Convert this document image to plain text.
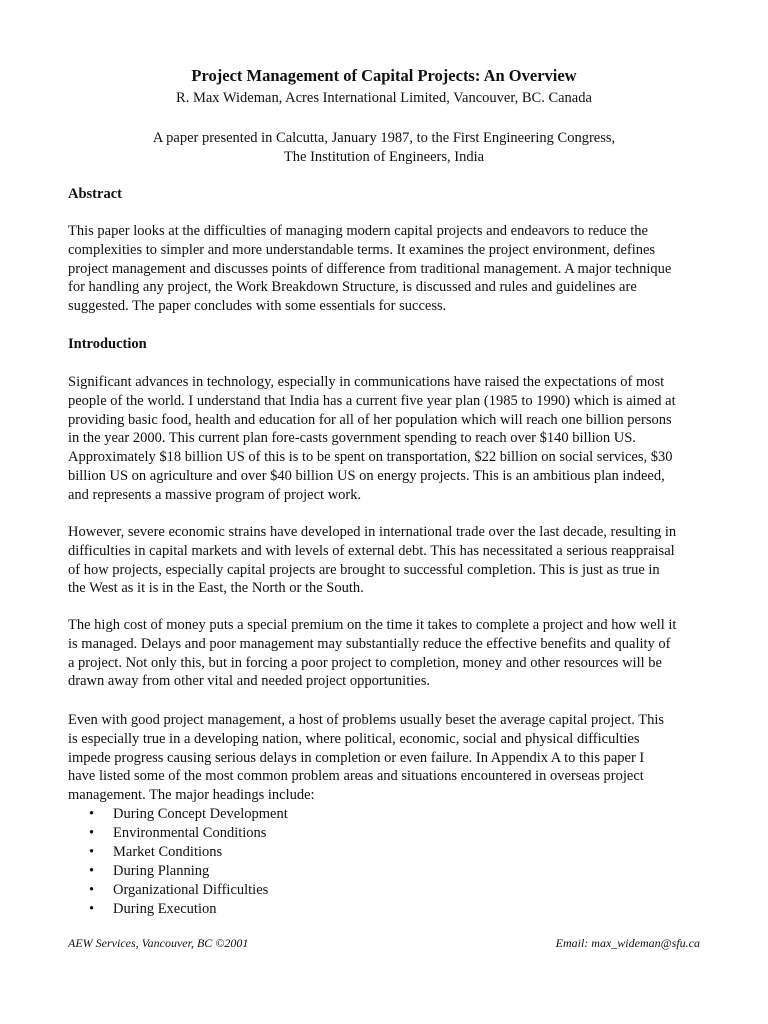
Project Management of Capital Projects: An Overview
R. Max Wideman, Acres International Limited, Vancouver, BC. Canada
A paper presented in Calcutta, January 1987, to the First Engineering Congress,
The Institution of Engineers, India
Abstract
This paper looks at the difficulties of managing modern capital projects and endeavors to reduce the
complexities to simpler and more understandable terms. It examines the project environment, defines
project management and discusses points of difference from traditional management. A major technique
for handling any project, the Work Breakdown Structure, is discussed and rules and guidelines are
suggested. The paper concludes with some essentials for success.
Introduction
Significant advances in technology, especially in communications have raised the expectations of most
people of the world. I understand that India has a current five year plan (1985 to 1990) which is aimed at
providing basic food, health and education for all of her population which will reach one billion persons
in the year 2000. This current plan fore-casts government spending to reach over $140 billion US.
Approximately $18 billion US of this is to be spent on transportation, $22 billion on social services, $30
billion US on agriculture and over $40 billion US on energy projects. This is an ambitious plan indeed,
and represents a massive program of project work.
However, severe economic strains have developed in international trade over the last decade, resulting in
difficulties in capital markets and with levels of external debt. This has necessitated a serious reappraisal
of how projects, especially capital projects are brought to successful completion. This is just as true in
the West as it is in the East, the North or the South.
The high cost of money puts a special premium on the time it takes to complete a project and how well it
is managed. Delays and poor management may substantially reduce the effective benefits and quality of
a project. Not only this, but in forcing a poor project to completion, money and other resources will be
drawn away from other vital and needed project opportunities.
Even with good project management, a host of problems usually beset the average capital project. This
is especially true in a developing nation, where political, economic, social and physical difficulties
impede progress causing serious delays in completion or even failure. In Appendix A to this paper I
have listed some of the most common problem areas and situations encountered in overseas project
management. The major headings include:
• During Concept Development
• Environmental Conditions
• Market Conditions
• During Planning
• Organizational Difficulties
• During Execution
AEW Services, Vancouver, BC ©2001	Email: max_wideman@sfu.ca
